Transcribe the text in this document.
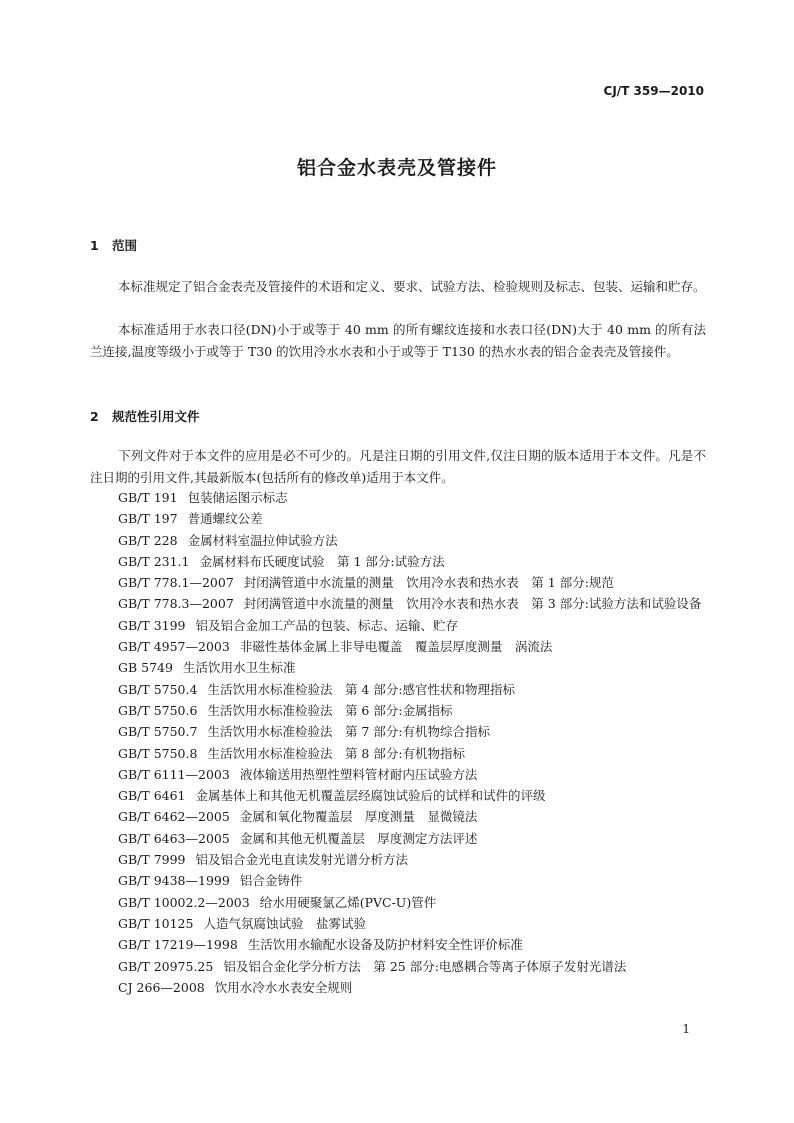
CJ/T 359—2010
铝合金水表壳及管接件
1 范围

本标准规定了铝合金表壳及管接件的术语和定义、要求、试验方法、检验规则及标志、包装、运输和贮存。

本标准适用于水表口径(DN)小于或等于 40 mm 的所有螺纹连接和水表口径(DN)大于 40 mm 的所有法兰连接,温度等级小于或等于 T30 的饮用冷水水表和小于或等于 T130 的热水水表的铝合金表壳及管接件。

2 规范性引用文件

下列文件对于本文件的应用是必不可少的。凡是注日期的引用文件,仅注日期的版本适用于本文件。凡是不注日期的引用文件,其最新版本(包括所有的修改单)适用于本文件。

GB/T 191 包装储运图示标志
GB/T 197 普通螺纹公差
GB/T 228 金属材料室温拉伸试验方法
GB/T 231.1 金属材料布氏硬度试验　第 1 部分:试验方法
GB/T 778.1—2007 封闭满管道中水流量的测量　饮用冷水表和热水表　第 1 部分:规范
GB/T 778.3—2007 封闭满管道中水流量的测量　饮用冷水表和热水表　第 3 部分:试验方法和试验设备
GB/T 3199 铝及铝合金加工产品的包装、标志、运输、贮存
GB/T 4957—2003 非磁性基体金属上非导电覆盖　覆盖层厚度测量　涡流法
GB 5749 生活饮用水卫生标准
GB/T 5750.4 生活饮用水标准检验法　第 4 部分:感官性状和物理指标
GB/T 5750.6 生活饮用水标准检验法　第 6 部分:金属指标
GB/T 5750.7 生活饮用水标准检验法　第 7 部分:有机物综合指标
GB/T 5750.8 生活饮用水标准检验法　第 8 部分:有机物指标
GB/T 6111—2003 液体输送用热塑性塑料管材耐内压试验方法
GB/T 6461 金属基体上和其他无机覆盖层经腐蚀试验后的试样和试件的评级
GB/T 6462—2005 金属和氧化物覆盖层　厚度测量　显微镜法
GB/T 6463—2005 金属和其他无机覆盖层　厚度测定方法评述
GB/T 7999 铝及铝合金光电直读发射光谱分析方法
GB/T 9438—1999 铝合金铸件
GB/T 10002.2—2003 给水用硬聚氯乙烯(PVC-U)管件
GB/T 10125 人造气氛腐蚀试验　盐雾试验
GB/T 17219—1998 生活饮用水输配水设备及防护材料安全性评价标准
GB/T 20975.25 铝及铝合金化学分析方法　第 25 部分:电感耦合等离子体原子发射光谱法
CJ 266—2008 饮用水冷水水表安全规则
1
